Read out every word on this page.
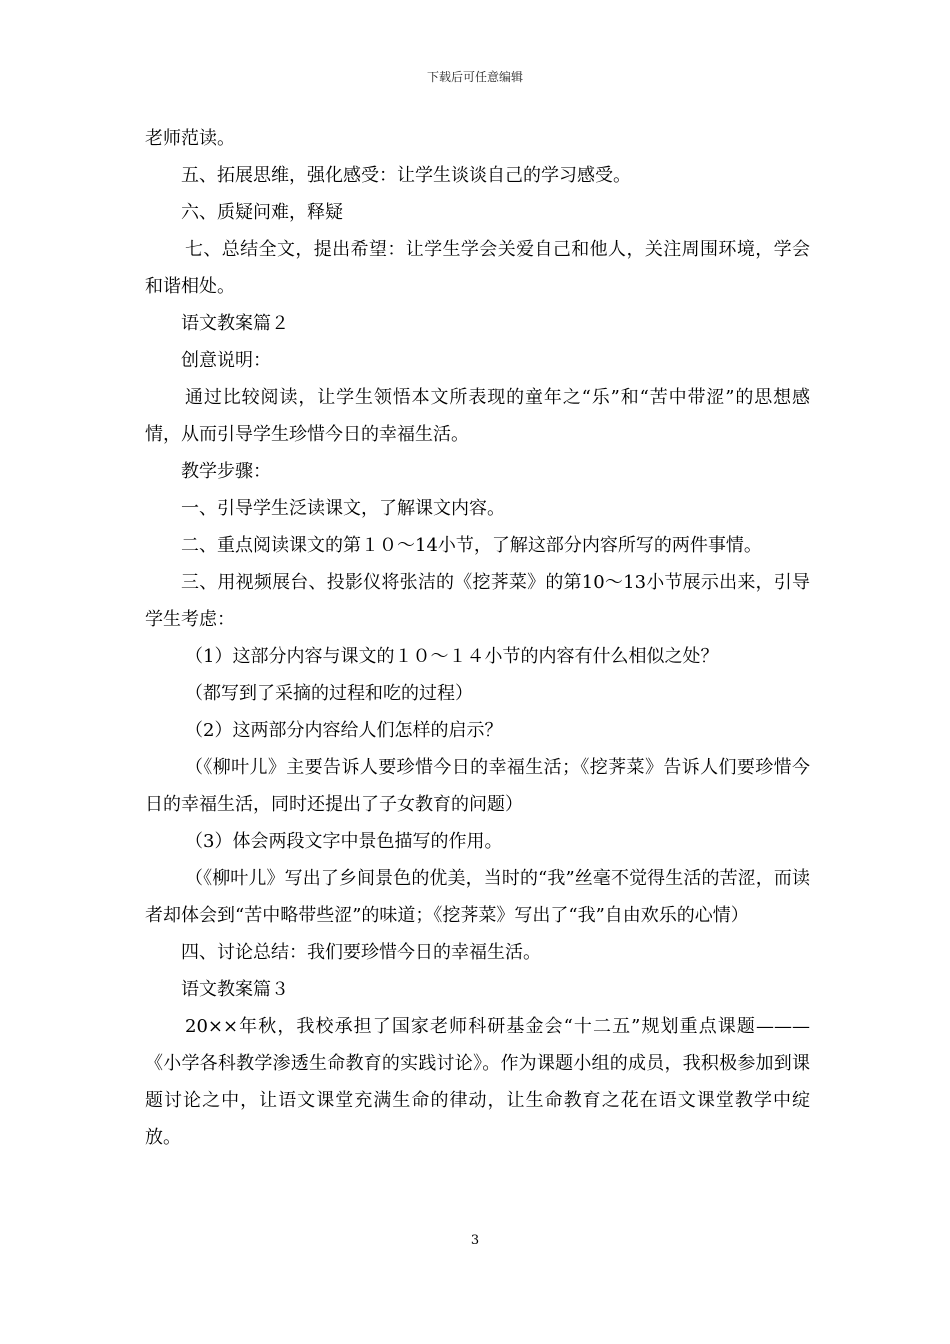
下载后可任意编辑

老师范读。

五、拓展思维，强化感受：让学生谈谈自己的学习感受。

六、质疑问难，释疑

七、总结全文，提出希望：让学生学会关爱自己和他人，关注周围环境，学会和谐相处。

语文教案篇２

创意说明：

通过比较阅读，让学生领悟本文所表现的童年之“乐”和“苦中带涩”的思想感情，从而引导学生珍惜今日的幸福生活。

教学步骤：

一、引导学生泛读课文，了解课文内容。

二、重点阅读课文的第１０～14小节，了解这部分内容所写的两件事情。

三、用视频展台、投影仪将张洁的《挖荠菜》的第10～13小节展示出来，引导学生考虑：

（1）这部分内容与课文的１０～１４小节的内容有什么相似之处？

（都写到了采摘的过程和吃的过程）

（2）这两部分内容给人们怎样的启示？

（《柳叶儿》主要告诉人要珍惜今日的幸福生活；《挖荠菜》告诉人们要珍惜今日的幸福生活，同时还提出了子女教育的问题）

（3）体会两段文字中景色描写的作用。

（《柳叶儿》写出了乡间景色的优美，当时的“我”丝毫不觉得生活的苦涩，而读者却体会到“苦中略带些涩”的味道；《挖荠菜》写出了“我”自由欢乐的心情）

四、讨论总结：我们要珍惜今日的幸福生活。

语文教案篇３

20××年秋，我校承担了国家老师科研基金会“十二五”规划重点课题———《小学各科教学渗透生命教育的实践讨论》。作为课题小组的成员，我积极参加到课题讨论之中，让语文课堂充满生命的律动，让生命教育之花在语文课堂教学中绽放。

3
